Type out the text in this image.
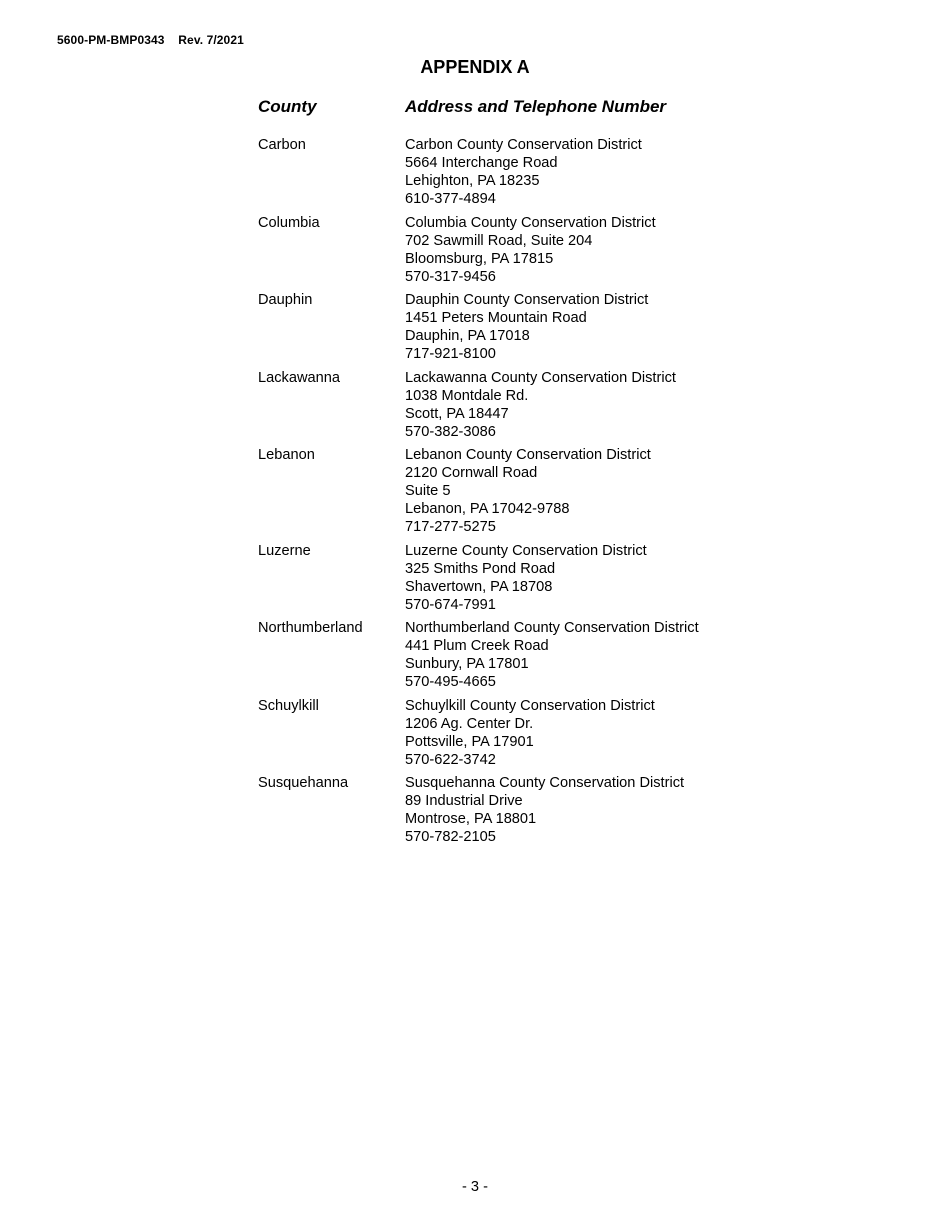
5600-PM-BMP0343    Rev. 7/2021
APPENDIX A
County	Address and Telephone Number
Carbon	Carbon County Conservation District
5664 Interchange Road
Lehighton, PA 18235
610-377-4894
Columbia	Columbia County Conservation District
702 Sawmill Road, Suite 204
Bloomsburg, PA 17815
570-317-9456
Dauphin	Dauphin County Conservation District
1451 Peters Mountain Road
Dauphin, PA 17018
717-921-8100
Lackawanna	Lackawanna County Conservation District
1038 Montdale Rd.
Scott, PA 18447
570-382-3086
Lebanon	Lebanon County Conservation District
2120 Cornwall Road
Suite 5
Lebanon, PA 17042-9788
717-277-5275
Luzerne	Luzerne County Conservation District
325 Smiths Pond Road
Shavertown, PA 18708
570-674-7991
Northumberland	Northumberland County Conservation District
441 Plum Creek Road
Sunbury, PA 17801
570-495-4665
Schuylkill	Schuylkill County Conservation District
1206 Ag. Center Dr.
Pottsville, PA 17901
570-622-3742
Susquehanna	Susquehanna County Conservation District
89 Industrial Drive
Montrose, PA 18801
570-782-2105
- 3 -
